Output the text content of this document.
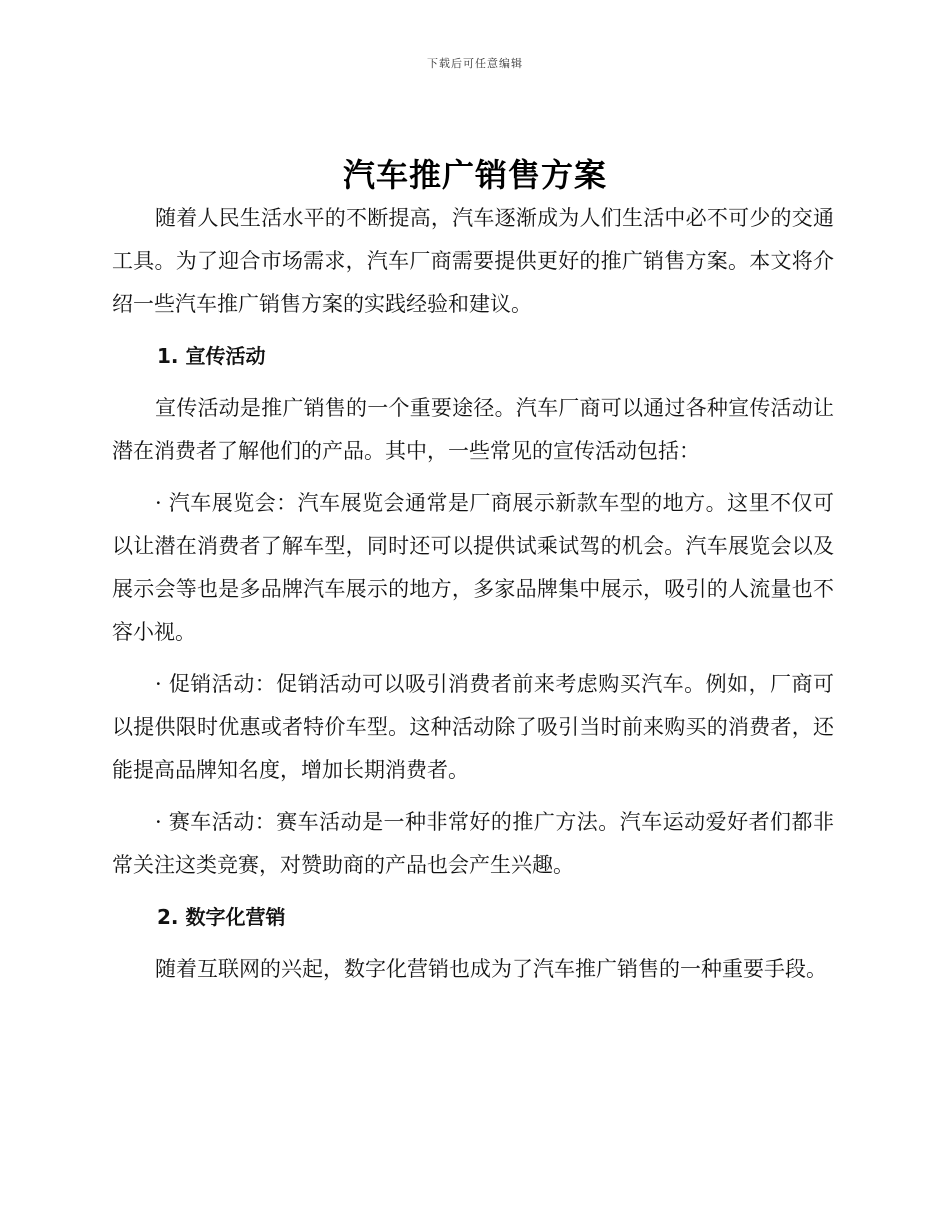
下载后可任意编辑
汽车推广销售方案

随着人民生活水平的不断提高，汽车逐渐成为人们生活中必不可少的交通工具。为了迎合市场需求，汽车厂商需要提供更好的推广销售方案。本文将介绍一些汽车推广销售方案的实践经验和建议。

1. 宣传活动

宣传活动是推广销售的一个重要途径。汽车厂商可以通过各种宣传活动让潜在消费者了解他们的产品。其中，一些常见的宣传活动包括：

· 汽车展览会：汽车展览会通常是厂商展示新款车型的地方。这里不仅可以让潜在消费者了解车型，同时还可以提供试乘试驾的机会。汽车展览会以及展示会等也是多品牌汽车展示的地方，多家品牌集中展示，吸引的人流量也不容小视。

· 促销活动：促销活动可以吸引消费者前来考虑购买汽车。例如，厂商可以提供限时优惠或者特价车型。这种活动除了吸引当时前来购买的消费者，还能提高品牌知名度，增加长期消费者。

· 赛车活动：赛车活动是一种非常好的推广方法。汽车运动爱好者们都非常关注这类竞赛，对赞助商的产品也会产生兴趣。

2. 数字化营销

随着互联网的兴起，数字化营销也成为了汽车推广销售的一种重要手段。
